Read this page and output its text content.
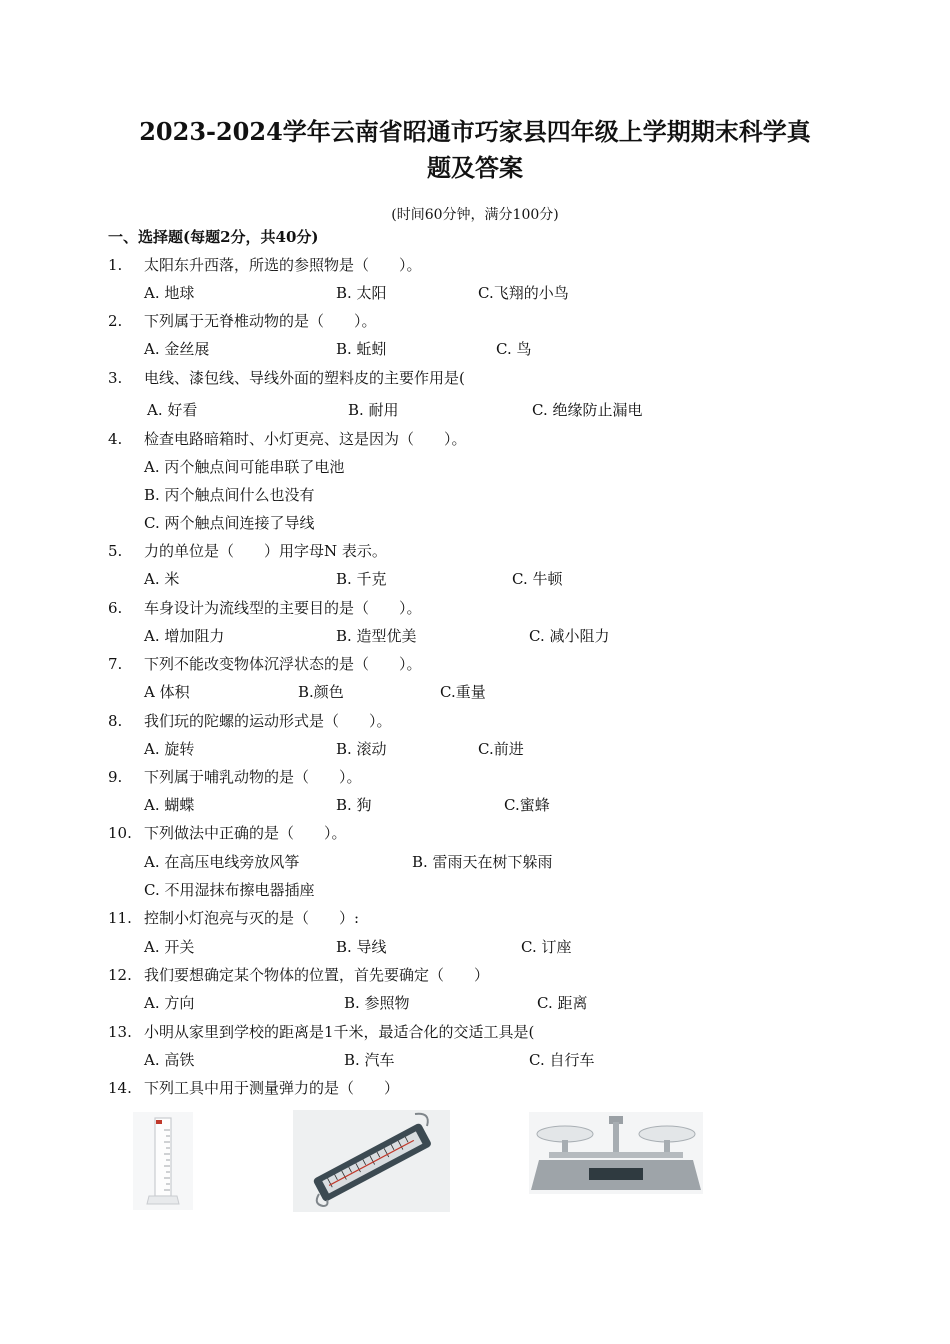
2023-2024学年云南省昭通市巧家县四年级上学期期末科学真
题及答案
(时间60分钟，满分100分)
一、选择题(每题2分，共40分)
1. 太阳东升西落，所选的参照物是（　　）。
A. 地球	B. 太阳	C.飞翔的小鸟
2. 下列属于无脊椎动物的是（　　）。
A. 金丝展	B. 蚯蚓	C. 鸟
3. 电线、漆包线、导线外面的塑料皮的主要作用是(
A. 好看	B. 耐用	C. 绝缘防止漏电
4. 检查电路暗箱时、小灯更亮、这是因为（　　）。
A. 丙个触点间可能串联了电池
B. 丙个触点间什么也没有
C. 两个触点间连接了导线
5. 力的单位是（　　）用字母N 表示。
A. 米	B. 千克	C. 牛顿
6. 车身设计为流线型的主要目的是（　　）。
A. 增加阻力	B. 造型优美	C. 减小阻力
7. 下列不能改变物体沉浮状态的是（　　）。
A 体积	B.颜色	C.重量
8. 我们玩的陀螺的运动形式是（　　）。
A. 旋转	B. 滚动	C.前进
9. 下列属于哺乳动物的是（　　）。
A. 蝴蝶	B. 狗	C.蜜蜂
10. 下列做法中正确的是（　　）。
A. 在高压电线旁放风筝	B. 雷雨天在树下躲雨
C. 不用湿抹布擦电器插座
11. 控制小灯泡亮与灭的是（　　）:
A. 开关	B. 导线	C. 订座
12. 我们要想确定某个物体的位置，首先要确定（　　）
A. 方向	B. 参照物	C. 距离
13. 小明从家里到学校的距离是1千米，最适合化的交适工具是(
A. 高铁	B. 汽车	C. 自行车
14. 下列工具中用于测量弹力的是（　　）
